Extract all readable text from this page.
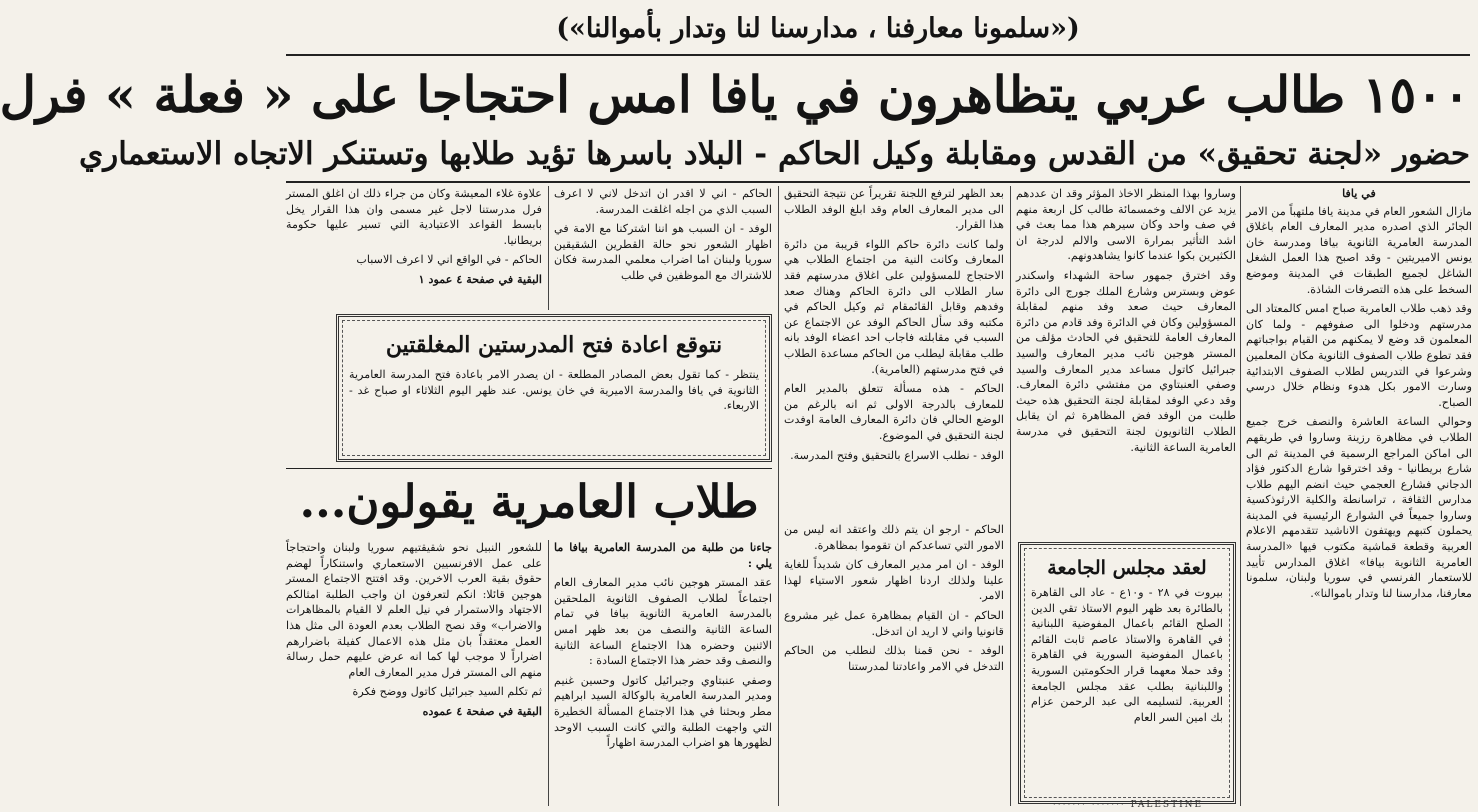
(«سلمونا معارفنا ، مدارسنا لنا وتدار بأموالنا»)
١٥٠٠ طالب عربي يتظاهرون في يافا امس احتجاجا على « فعلة » فرل
حضور «لجنة تحقيق» من القدس ومقابلة وكيل الحاكم - البلاد باسرها تؤيد طلابها وتستنكر الاتجاه الاستعماري
في يافا

مازال الشعور العام في مدينة يافا ملتهباً من الامر الجائر الذي اصدره مدير المعارف العام باغلاق المدرسة العامرية الثانوية بيافا ومدرسة خان يونس الاميريتين - وقد اصبح هذا العمل الشغل الشاغل لجميع الطبقات في المدينة وموضع السخط على هذه التصرفات الشاذة.

وقد ذهب طلاب العامرية صباح امس كالمعتاد الى مدرستهم ودخلوا الى صفوفهم - ولما كان المعلمون قد وضع لا يمكنهم من القيام بواجباتهم فقد تطوع طلاب الصفوف الثانوية مكان المعلمين وشرعوا في التدريس لطلاب الصفوف الابتدائية وسارت الامور بكل هدوء ونظام خلال درسي الصباح.

وحوالي الساعة العاشرة والنصف خرج جميع الطلاب في مظاهرة رزينة وساروا في طريقهم الى اماكن المراجع الرسمية في المدينة ثم الى شارع بريطانيا - وقد اخترقوا شارع الدكتور فؤاد الدجاني فشارع العجمي حيث انضم اليهم طلاب مدارس الثقافة ، تراسانطة والكلية الارثوذكسية وساروا جميعاً في الشوارع الرئيسية في المدينة يحملون كتبهم ويهتفون الاناشيد تتقدمهم الاعلام العربية وقطعة قماشية مكتوب فيها «المدرسة العامرية الثانوية بيافا» اغلاق المدارس تأييد للاستعمار الفرنسي في سوريا ولبنان، سلمونا معارفنا، مدارسنا لنا وتدار باموالنا».

وساروا بهذا المنظر الاخاذ المؤثر وقد ان عددهم يزيد عن الالف وخمسمائة طالب كل اربعة منهم في صف واحد وكان سيرهم هذا مما بعث في اشد التأثير بمرارة الاسى والالم لدرجة ان الكثيرين بكوا عندما كانوا يشاهدونهم.

وقد اخترق جمهور ساحة الشهداء واسكندر عوض وبسترس وشارع الملك جورج الى دائرة المعارف حيث صعد وفد منهم لمقابلة المسؤولين وكان في الدائرة وفد قادم من دائرة المعارف العامة للتحقيق في الحادث مؤلف من المستر هوجين نائب مدير المعارف والسيد جبرائيل كاتول مساعد مدير المعارف والسيد وصفي العنبتاوي من مفتشي دائرة المعارف. وقد دعي الوفد لمقابلة لجنة التحقيق هذه حيث طلبت من الوفد فض المظاهرة ثم ان يقابل الطلاب الثانويون لجنة التحقيق في مدرسة العامرية الساعة الثانية.

بعد الظهر لترفع اللجنة تقريراً عن نتيجة التحقيق الى مدير المعارف العام وقد ابلغ الوفد الطلاب هذا القرار.

ولما كانت دائرة حاكم اللواء قريبة من دائرة المعارف وكانت النية من اجتماع الطلاب هي الاحتجاج للمسؤولين على اغلاق مدرستهم فقد سار الطلاب الى دائرة الحاكم وهناك صعد وفدهم وقابل القائمقام ثم وكيل الحاكم في مكتبه وقد سأل الحاكم الوفد عن الاجتماع عن السبب في مقابلته فاجاب احد اعضاء الوفد بانه طلب مقابلة ليطلب من الحاكم مساعدة الطلاب في فتح مدرستهم (العامرية).

الحاكم - هذه مسألة تتعلق بالمدير العام للمعارف بالدرجة الاولى ثم انه بالرغم من الوضع الحالي فان دائرة المعارف العامة اوفدت لجنة التحقيق في الموضوع.

الوفد - نطلب الاسراع بالتحقيق وفتح المدرسة.

الحاكم - اني لا اقدر ان اتدخل لاني لا اعرف السبب الذي من اجله اغلقت المدرسة.

الوفد - ان السبب هو اننا اشتركنا مع الامة في اظهار الشعور نحو حالة القطرين الشقيقين سوريا ولبنان اما اضراب معلمي المدرسة فكان للاشتراك مع الموظفين في طلب

علاوة غلاء المعيشة وكان من جراء ذلك ان اغلق المستر فرل مدرستنا لاجل غير مسمى وان هذا القرار يخل بابسط القواعد الاعتيادية التي تسير عليها حكومة بريطانيا.

الحاكم - في الواقع اني لا اعرف الاسباب

البقية في صفحة ٤ عمود ١

نتوقع اعادة فتح المدرستين المغلقتين
ينتظر - كما تقول بعض المصادر المطلعة - ان يصدر الامر باعادة فتح المدرسة العامرية الثانوية في يافا والمدرسة الاميرية في خان يونس. عند ظهر اليوم الثلاثاء او صباح غد - الاربعاء.

الحاكم - ارجو ان يتم ذلك واعتقد انه ليس من الامور التي تساعدكم ان تقوموا بمظاهرة.

الوفد - ان امر مدير المعارف كان شديداً للغاية علينا ولذلك اردنا اظهار شعور الاستياء لهذا الامر.

الحاكم - ان القيام بمظاهرة عمل غير مشروع قانونيا واني لا اريد ان اتدخل.

الوفد - نحن قمنا بذلك لنطلب من الحاكم التدخل في الامر واعادتنا لمدرستنا

لعقد مجلس الجامعة
بيروت في ٢٨ - و١٠ع - عاد الى القاهرة بالطائرة بعد ظهر اليوم الاستاذ تقي الدين الصلح القائم باعمال المفوضية اللبنانية في القاهرة والاستاذ عاصم ثابت القائم باعمال المفوضية السورية في القاهرة وقد حملا معهما قرار الحكومتين السورية واللبنانية بطلب عقد مجلس الجامعة العربية. لتسليمه الى عبد الرحمن عزام بك امين السر العام
طلاب العامرية يقولون...

جاءنا من طلبة من المدرسة العامرية بيافا ما يلي :

عقد المستر هوجين نائب مدير المعارف العام اجتماعاً لطلاب الصفوف الثانوية الملحقين بالمدرسة العامرية الثانوية بيافا في تمام الساعة الثانية والنصف من بعد ظهر امس الاثنين وحضره هذا الاجتماع الساعة الثانية والنصف وقد حضر هذا الاجتماع السادة :

وصفي عنبتاوي وجبرائيل كاتول وحسين غنيم ومدير المدرسة العامرية بالوكالة السيد ابراهيم مطر وبحثنا في هذا الاجتماع المسألة الخطيرة التي واجهت الطلبة والتي كانت السبب الاوحد لظهورها هو اضراب المدرسة اظهاراً

للشعور النبيل نحو شقيقتيهم سوريا ولبنان واحتجاجاً على عمل الافرنسيين الاستعماري واستنكاراً لهضم حقوق بقية العرب الاخرين. وقد افتتح الاجتماع المستر هوجين قائلا: انكم لتعرفون ان واجب الطلبة امثالكم الاجتهاد والاستمرار في نيل العلم لا القيام بالمظاهرات والاضراب» وقد نصح الطلاب بعدم العودة الى مثل هذا العمل معتقداً بان مثل هذه الاعمال كفيلة باضرارهم اضراراً لا موجب لها كما انه عرض عليهم حمل رسالة منهم الى المستر فرل مدير المعارف العام

ثم تكلم السيد جبرائيل كاتول ووضح فكرة

البقية في صفحة ٤ عموده

PALESTINE ······· ·······
